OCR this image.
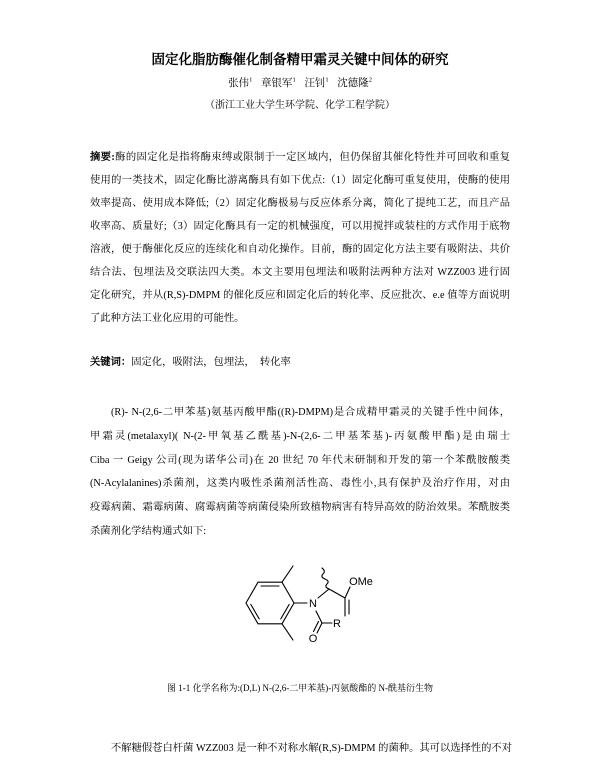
固定化脂肪酶催化制备精甲霜灵关键中间体的研究
张伟$^1$ 章银军$^1$ 汪钊$^1$ 沈德隆$^2$
（浙江工业大学生环学院、化学工程学院）
摘要:酶的固定化是指将酶束缚或限制于一定区域内，但仍保留其催化特性并可回收和重复
使用的一类技术，固定化酶比游离酶具有如下优点:（1）固定化酶可重复使用，使酶的使用
效率提高、使用成本降低;（2）固定化酶极易与反应体系分离，简化了提纯工艺，而且产品
收率高、质量好;（3）固定化酶具有一定的机械强度，可以用搅拌或装柱的方式作用于底物
溶液，便于酶催化反应的连续化和自动化操作。目前，酶的固定化方法主要有吸附法、共价
结合法、包埋法及交联法四大类。本文主要用包埋法和吸附法两种方法对 WZZ003 进行固
定化研究，并从(R,S)-DMPM 的催化反应和固定化后的转化率、反应批次、e.e 值等方面说明
了此种方法工业化应用的可能性。
关键词：固定化，吸附法，包埋法，  转化率
(R)- N-(2,6-二甲苯基)氨基丙酸甲酯((R)-DMPM)是合成精甲霜灵的关键手性中间体，
甲霜灵(metalaxyl)( N-(2-甲氧基乙酰基)-N-(2,6-二甲基苯基)-丙氨酸甲酯)是由瑞士
Ciba 一 Geigy 公司(现为诺华公司)在 20 世纪 70 年代末研制和开发的第一个苯酰胺酸类
(N-Acylalanines)杀菌剂，这类内吸性杀菌剂活性高、毒性小,具有保护及治疗作用，对由
疫霉病菌、霜霉病菌、腐霉病菌等病菌侵染所致植物病害有特异高效的防治效果。苯酰胺类
杀菌剂化学结构通式如下:
N
OMe
R
O
图 1-1 化学名称为:(D,L) N-(2,6-二甲苯基)-丙氨酸酯的 N-酰基衍生物
不解糖假苍白杆菌 WZZ003 是一种不对称水解(R,S)-DMPM 的菌种。其可以选择性的不对
